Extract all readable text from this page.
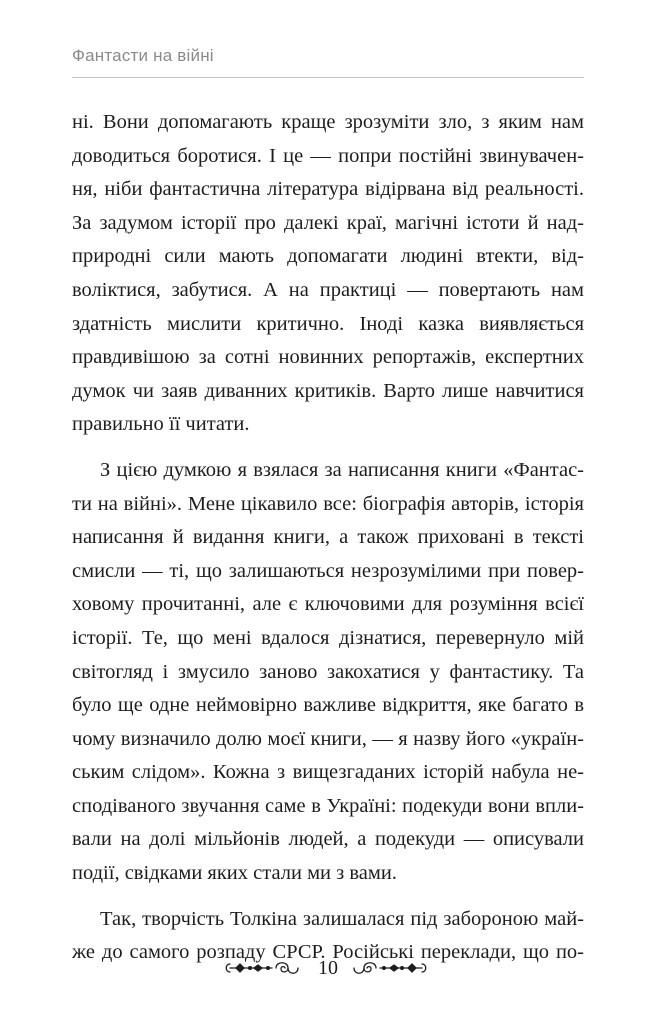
Фантасти на війні

ні. Вони допомагають краще зрозуміти зло, з яким нам
доводиться боротися. І це — попри постійні звинувачен-
ня, ніби фантастична література відірвана від реальності.
За задумом історії про далекі краї, магічні істоти й над-
природні сили мають допомагати людині втекти, від-
волiктися, забутися. А на практиці — повертають нам
здатність мислити критично. Іноді казка виявляється
правдивішою за сотні новинних репортажів, експертних
думок чи заяв диванних критиків. Варто лише навчитися
правильно її читати.

З цією думкою я взялася за написання книги «Фантас-
ти на війні». Мене цікавило все: біографія авторів, історія
написання й видання книги, а також приховані в тексті
смисли — ті, що залишаються незрозумілими при повер-
ховому прочитанні, але є ключовими для розуміння всієї
історії. Те, що мені вдалося дізнатися, перевернуло мій
світогляд і змусило заново закохатися у фантастику. Та
було ще одне неймовірно важливе відкриття, яке багато в
чому визначило долю моєї книги, — я назву його «україн-
ським слідом». Кожна з вищезгаданих історій набула не-
сподіваного звучання саме в Україні: подекуди вони впли-
вали на долі мільйонів людей, а подекуди — описували
події, свідками яких стали ми з вами.

Так, творчість Толкіна залишалася під забороною май-
же до самого розпаду СРСР. Російські переклади, що по-

10
